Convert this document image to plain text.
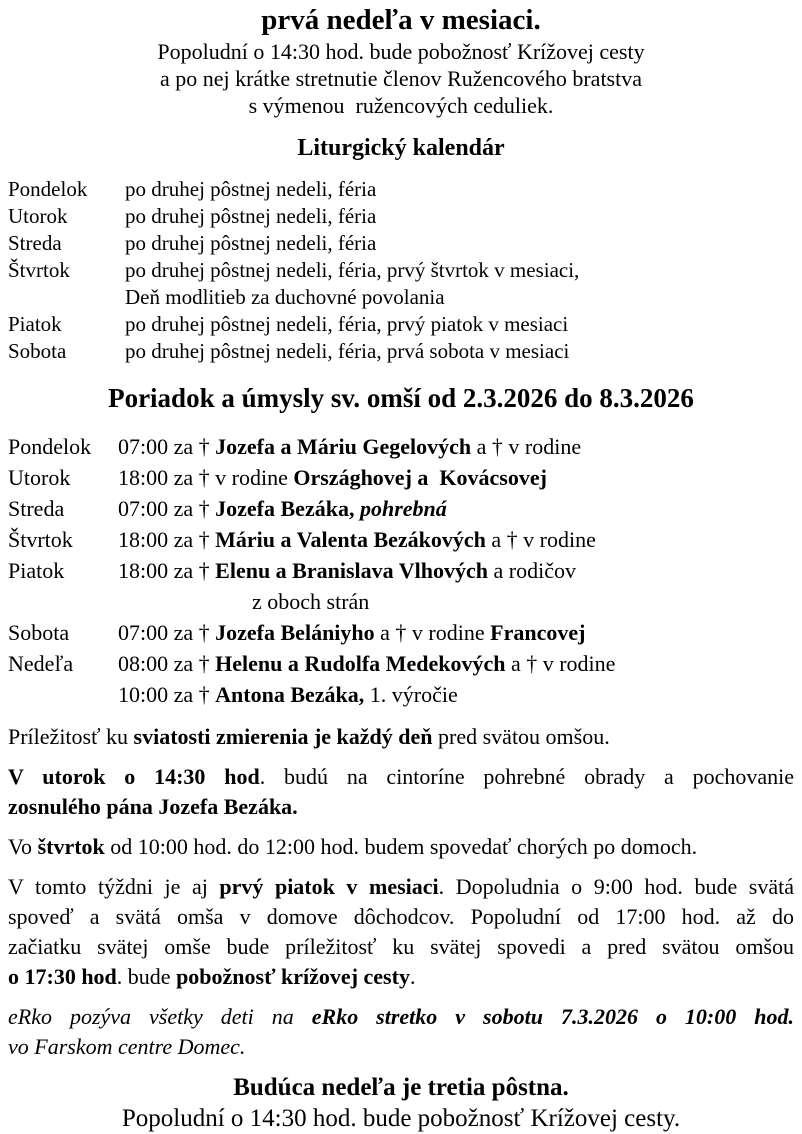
prvá nedeľa v mesiaci.
Popoludní o 14:30 hod. bude pobožnosť Krížovej cesty
a po nej krátke stretnutie členov Ružencového bratstva
s výmenou  ružencových ceduliek.
Liturgický kalendár
Pondelok	po druhej pôstnej nedeli, féria
Utorok	po druhej pôstnej nedeli, féria
Streda	po druhej pôstnej nedeli, féria
Štvrtok	po druhej pôstnej nedeli, féria, prvý štvrtok v mesiaci,
Deň modlitieb za duchovné povolania
Piatok	po druhej pôstnej nedeli, féria, prvý piatok v mesiaci
Sobota	po druhej pôstnej nedeli, féria, prvá sobota v mesiaci
Poriadok a úmysly sv. omší od 2.3.2026 do 8.3.2026
Pondelok	07:00 za † Jozefa a Máriu Gegelových a † v rodine
Utorok	18:00 za † v rodine Országhovej a  Kovácsovej
Streda	07:00 za † Jozefa Bezáka, pohrebná
Štvrtok	18:00 za † Máriu a Valenta Bezákových a † v rodine
Piatok	18:00 za † Elenu a Branislava Vlhových a rodičov
z oboch strán
Sobota	07:00 za † Jozefa Belániyho a † v rodine Francovej
Nedeľa	08:00 za † Helenu a Rudolfa Medekových a † v rodine
10:00 za † Antona Bezáka, 1. výročie
Príležitosť ku sviatosti zmierenia je každý deň pred svätou omšou.
V utorok o 14:30 hod. budú na cintoríne pohrebné obrady a pochovanie
zosnulého pána Jozefa Bezáka.
Vo štvrtok od 10:00 hod. do 12:00 hod. budem spovedať chorých po domoch.
V tomto týždni je aj prvý piatok v mesiaci. Dopoludnia o 9:00 hod. bude svätá
spoveď a svätá omša v domove dôchodcov. Popoludní od 17:00 hod. až do
začiatku svätej omše bude príležitosť ku svätej spovedi a pred svätou omšou
o 17:30 hod. bude pobožnosť krížovej cesty.
eRko pozýva všetky deti na eRko stretko v sobotu 7.3.2026 o 10:00 hod.
vo Farskom centre Domec.
Budúca nedeľa je tretia pôstna.
Popoludní o 14:30 hod. bude pobožnosť Krížovej cesty.
